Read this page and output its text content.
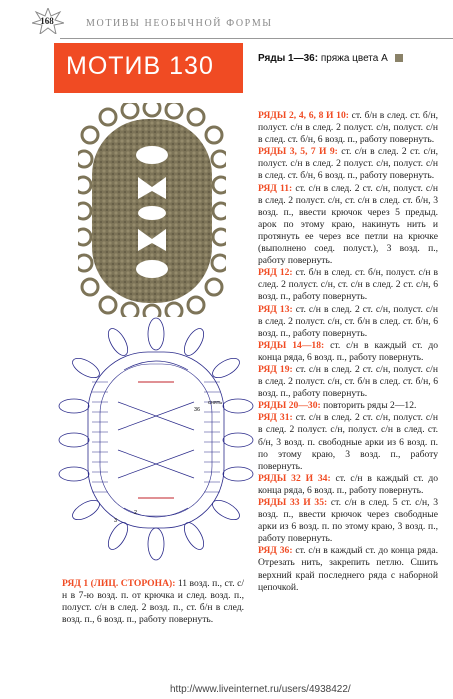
168	МОТИВЫ НЕОБЫЧНОЙ ФОРМЫ
МОТИВ 130	Ряды 1—36: пряжа цвета А
36
снять
2
3

РЯДЫ 2, 4, 6, 8 И 10: ст. б/н в след. ст. б/н, полуст. с/н в след. 2 полуст. с/н, полуст. с/н в след. ст. б/н, 6 возд. п., работу повернуть.

РЯДЫ 3, 5, 7 И 9: ст. с/н в след. 2 ст. с/н, полуст. с/н в след. 2 полуст. с/н, полуст. с/н в след. ст. б/н, 6 возд. п., работу повернуть.

РЯД 11: ст. с/н в след. 2 ст. с/н, полуст. с/н в след. 2 полуст. с/н, ст. с/н в след. ст. б/н, 3 возд. п., ввести крючок через 5 предыд. арок по этому краю, накинуть нить и протянуть ее через все петли на крючке (выполнено соед. полуст.), 3 возд. п., работу повернуть.

РЯД 12: ст. б/н в след. ст. б/н, полуст. с/н в след. 2 полуст. с/н, ст. с/н в след. 2 ст. с/н, 6 возд. п., работу повернуть.

РЯД 13: ст. с/н в след. 2 ст. с/н, полуст. с/н в след. 2 полуст. с/н, ст. б/н в след. ст. б/н, 6 возд. п., работу повернуть.

РЯДЫ 14—18: ст. с/н в каждый ст. до конца ряда, 6 возд. п., работу повернуть.

РЯД 19: ст. с/н в след. 2 ст. с/н, полуст. с/н в след. 2 полуст. с/н, ст. б/н в след. ст. б/н, 6 возд. п., работу повернуть.

РЯДЫ 20—30: повторить ряды 2—12.

РЯД 31: ст. с/н в след. 2 ст. с/н, полуст. с/н в след. 2 полуст. с/н, полуст. с/н в след. ст. б/н, 3 возд. п. свободные арки из 6 возд. п. по этому краю, 3 возд. п., работу повернуть.

РЯДЫ 32 И 34: ст. с/н в каждый ст. до конца ряда, 6 возд. п., работу повернуть.

РЯДЫ 33 И 35: ст. с/н в след. 5 ст. с/н, 3 возд. п., ввести крючок через свободные арки из 6 возд. п. по этому краю, 3 возд. п., работу повернуть.

РЯД 36: ст. с/н в каждый ст. до конца ряда. Отрезать нить, закрепить петлю. Сшить верхний край последнего ряда с наборной цепочкой.

РЯД 1 (ЛИЦ. СТОРОНА): 11 возд. п., ст. с/н в 7-ю возд. п. от крючка и след. возд. п., полуст. с/н в след. 2 возд. п., ст. б/н в след. возд. п., 6 возд. п., работу повернуть.

http://www.liveinternet.ru/users/4938422/
